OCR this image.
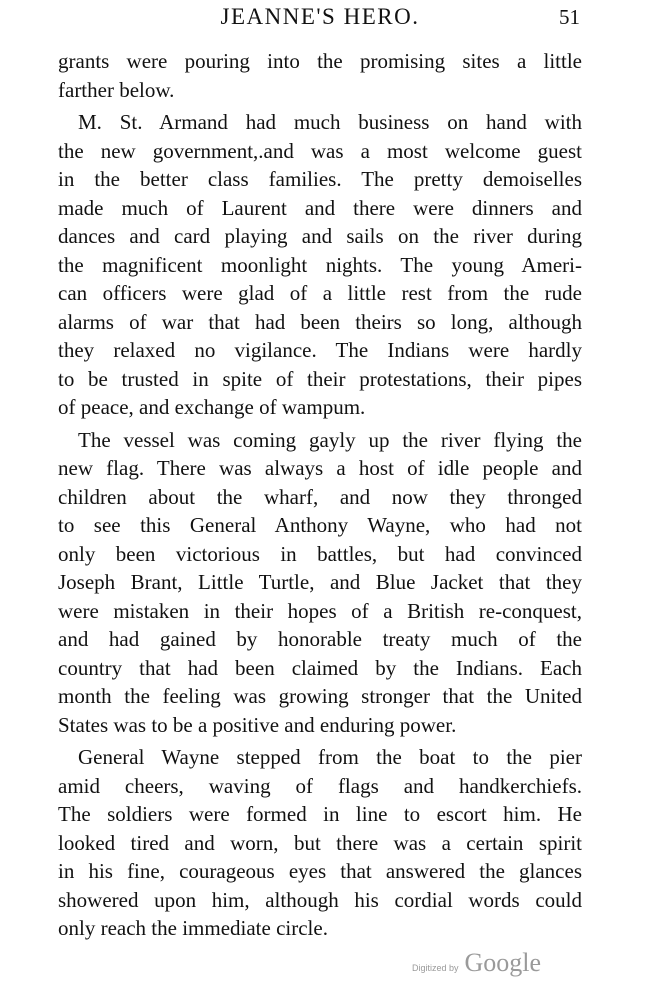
JEANNE'S HERO.	51

grants were pouring into the promising sites a little
farther below.

M. St. Armand had much business on hand with
the new government,.and was a most welcome guest
in the better class families. The pretty demoiselles
made much of Laurent and there were dinners and
dances and card playing and sails on the river during
the magnificent moonlight nights. The young Ameri-
can officers were glad of a little rest from the rude
alarms of war that had been theirs so long, although
they relaxed no vigilance. The Indians were hardly
to be trusted in spite of their protestations, their pipes
of peace, and exchange of wampum.

The vessel was coming gayly up the river flying the
new flag. There was always a host of idle people and
children about the wharf, and now they thronged
to see this General Anthony Wayne, who had not
only been victorious in battles, but had convinced
Joseph Brant, Little Turtle, and Blue Jacket that they
were mistaken in their hopes of a British re-conquest,
and had gained by honorable treaty much of the
country that had been claimed by the Indians. Each
month the feeling was growing stronger that the United
States was to be a positive and enduring power.

General Wayne stepped from the boat to the pier
amid cheers, waving of flags and handkerchiefs.
The soldiers were formed in line to escort him. He
looked tired and worn, but there was a certain spirit
in his fine, courageous eyes that answered the glances
showered upon him, although his cordial words could
only reach the immediate circle.

Digitized by Google
